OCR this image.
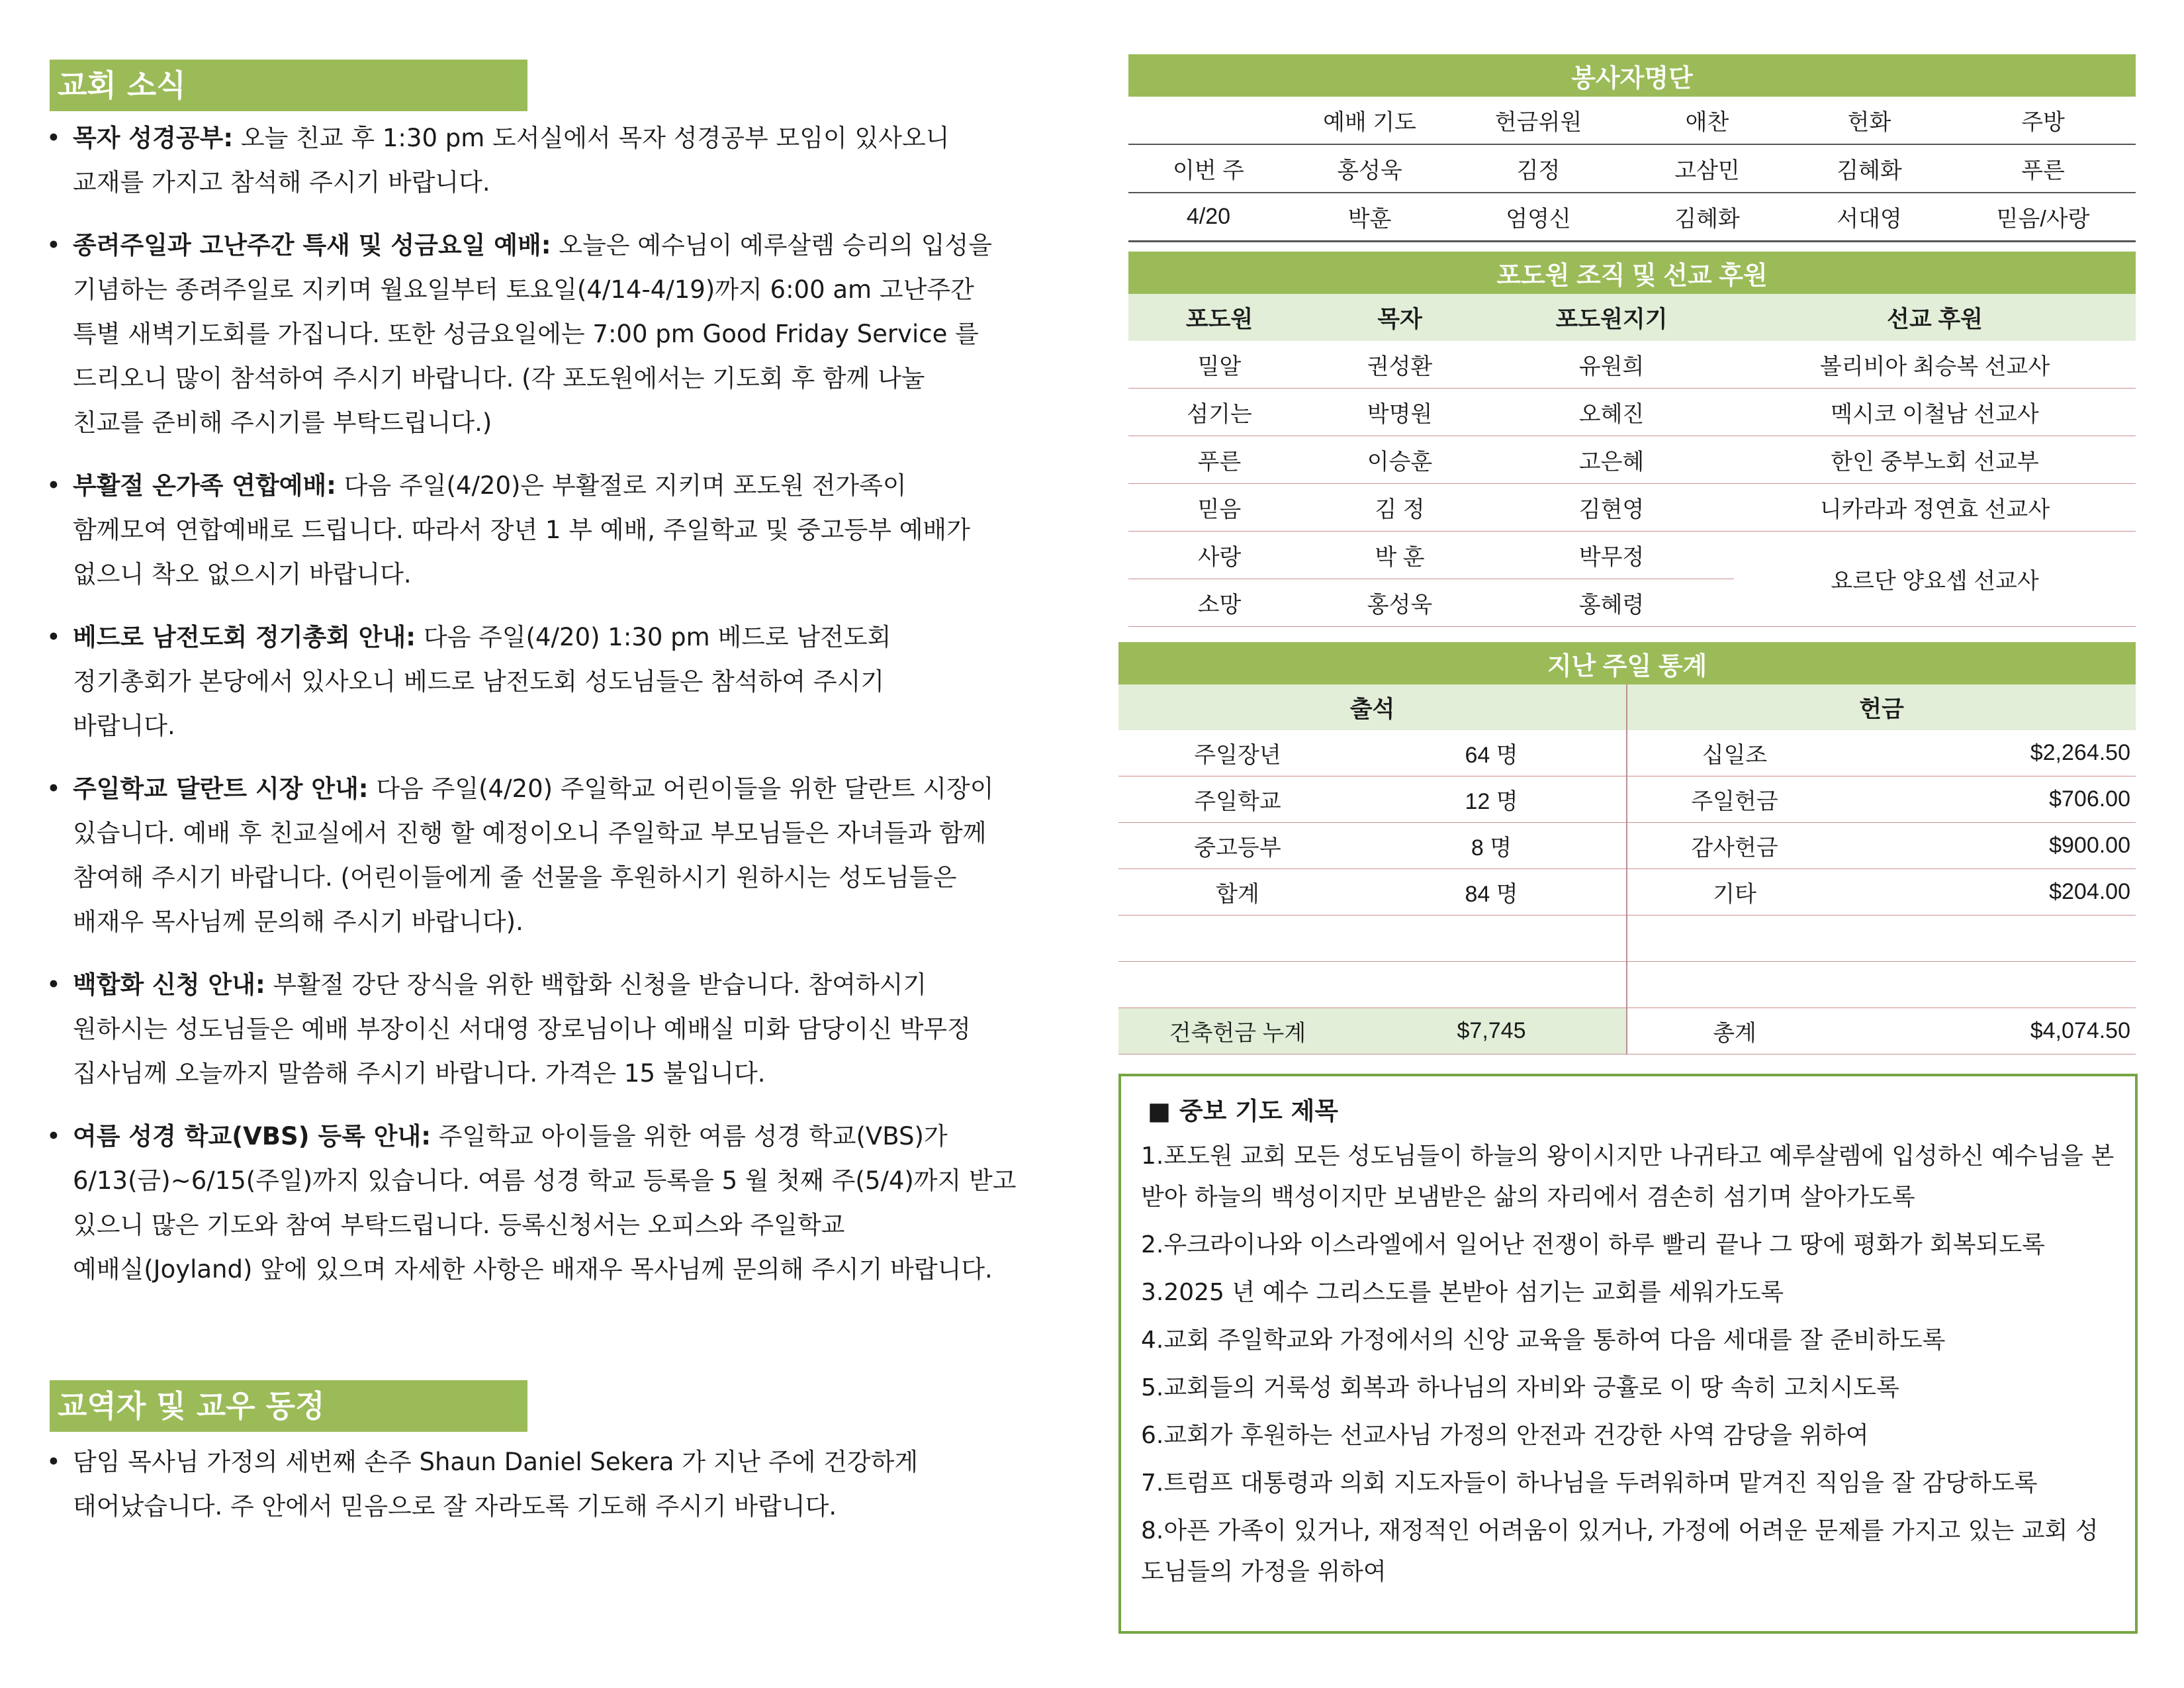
교회 소식
• 목자 성경공부: 오늘 친교 후 1:30 pm 도서실에서 목자 성경공부 모임이 있사오니
교재를 가지고 참석해 주시기 바랍니다.
• 종려주일과 고난주간 특새 및 성금요일 예배: 오늘은 예수님이 예루살렘 승리의 입성을
기념하는 종려주일로 지키며 월요일부터 토요일(4/14-4/19)까지 6:00 am 고난주간
특별 새벽기도회를 가집니다. 또한 성금요일에는 7:00 pm Good Friday Service 를
드리오니 많이 참석하여 주시기 바랍니다. (각 포도원에서는 기도회 후 함께 나눌
친교를 준비해 주시기를 부탁드립니다.)
• 부활절 온가족 연합예배: 다음 주일(4/20)은 부활절로 지키며 포도원 전가족이
함께모여 연합예배로 드립니다. 따라서 장년 1 부 예배, 주일학교 및 중고등부 예배가
없으니 착오 없으시기 바랍니다.
• 베드로 남전도회 정기총회 안내: 다음 주일(4/20) 1:30 pm 베드로 남전도회
정기총회가 본당에서 있사오니 베드로 남전도회 성도님들은 참석하여 주시기
바랍니다.
• 주일학교 달란트 시장 안내: 다음 주일(4/20) 주일학교 어린이들을 위한 달란트 시장이
있습니다. 예배 후 친교실에서 진행 할 예정이오니 주일학교 부모님들은 자녀들과 함께
참여해 주시기 바랍니다. (어린이들에게 줄 선물을 후원하시기 원하시는 성도님들은
배재우 목사님께 문의해 주시기 바랍니다).
• 백합화 신청 안내: 부활절 강단 장식을 위한 백합화 신청을 받습니다. 참여하시기
원하시는 성도님들은 예배 부장이신 서대영 장로님이나 예배실 미화 담당이신 박무정
집사님께 오늘까지 말씀해 주시기 바랍니다. 가격은 15 불입니다.
• 여름 성경 학교(VBS) 등록 안내: 주일학교 아이들을 위한 여름 성경 학교(VBS)가
6/13(금)~6/15(주일)까지 있습니다. 여름 성경 학교 등록을 5 월 첫째 주(5/4)까지 받고
있으니 많은 기도와 참여 부탁드립니다. 등록신청서는 오피스와 주일학교
예배실(Joyland) 앞에 있으며 자세한 사항은 배재우 목사님께 문의해 주시기 바랍니다.
교역자 및 교우 동정
• 담임 목사님 가정의 세번째 손주 Shaun Daniel Sekera 가 지난 주에 건강하게
태어났습니다. 주 안에서 믿음으로 잘 자라도록 기도해 주시기 바랍니다.
봉사자명단					
	예배 기도	헌금위원	애찬	헌화	주방
이번 주	홍성욱	김정	고삼민	김혜화	푸른
4/20	박훈	엄영신	김혜화	서대영	믿음/사랑
포도원 조직 및 선교 후원			
포도원	목자	포도원지기	선교 후원
밀알	권성환	유원희	볼리비아 최승복 선교사
섬기는	박명원	오혜진	멕시코 이철남 선교사
푸른	이승훈	고은혜	한인 중부노회 선교부
믿음	김 정	김현영	니카라과 정연효 선교사
사랑	박 훈	박무정	요르단 양요셉 선교사
소망	홍성욱	홍혜령	
지난 주일 통계			
출석		헌금	
주일장년	64 명	십일조	$2,264.50
주일학교	12 명	주일헌금	$706.00
중고등부	8 명	감사헌금	$900.00
합계	84 명	기타	$204.00

건축헌금 누계	$7,745	총계	$4,074.50
■ 중보 기도 제목
1.포도원 교회 모든 성도님들이 하늘의 왕이시지만 나귀타고 예루살렘에 입성하신 예수님을 본받아 하늘의 백성이지만 보냄받은 삶의 자리에서 겸손히 섬기며 살아가도록
2.우크라이나와 이스라엘에서 일어난 전쟁이 하루 빨리 끝나 그 땅에 평화가 회복되도록
3.2025 년 예수 그리스도를 본받아 섬기는 교회를 세워가도록
4.교회 주일학교와 가정에서의 신앙 교육을 통하여 다음 세대를 잘 준비하도록
5.교회들의 거룩성 회복과 하나님의 자비와 긍휼로 이 땅 속히 고치시도록
6.교회가 후원하는 선교사님 가정의 안전과 건강한 사역 감당을 위하여
7.트럼프 대통령과 의회 지도자들이 하나님을 두려워하며 맡겨진 직임을 잘 감당하도록
8.아픈 가족이 있거나, 재정적인 어려움이 있거나, 가정에 어려운 문제를 가지고 있는 교회 성도님들의 가정을 위하여
